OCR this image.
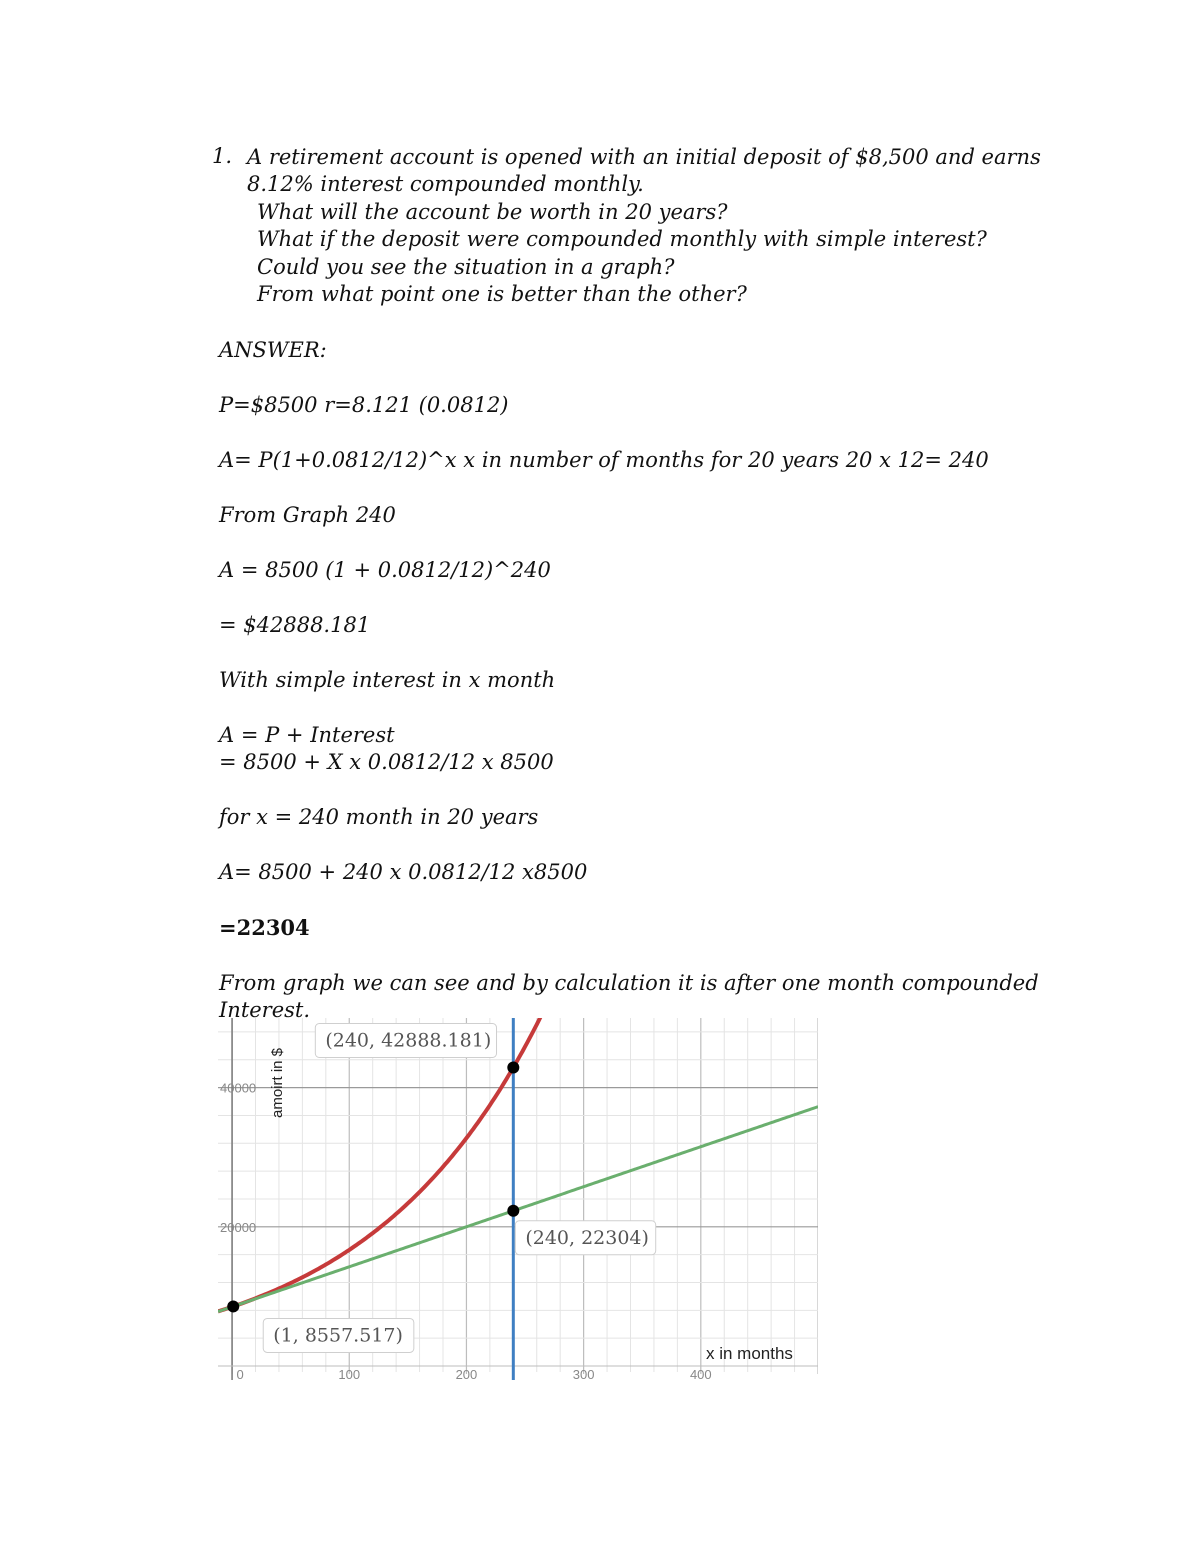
1. A retirement account is opened with an initial deposit of $8,500 and earns
8.12% interest compounded monthly.
What will the account be worth in 20 years?
What if the deposit were compounded monthly with simple interest?
Could you see the situation in a graph?
From what point one is better than the other?
ANSWER:
P=$8500 r=8.121 (0.0812)
A= P(1+0.0812/12)^x x in number of months for 20 years 20 x 12= 240
From Graph 240
A = 8500 (1 + 0.0812/12)^240
= $42888.181
With simple interest in x month
A = P + Interest
= 8500 + X x 0.0812/12 x 8500
for x = 240 month in 20 years
A= 8500 + 240 x 0.0812/12 x8500
=22304
From graph we can see and by calculation it is after one month compounded
Interest.
(240, 42888.181)
(240, 22304)
(1, 8557.517)
20000
40000
0	100	200	300	400
x in months
amoirt in $
